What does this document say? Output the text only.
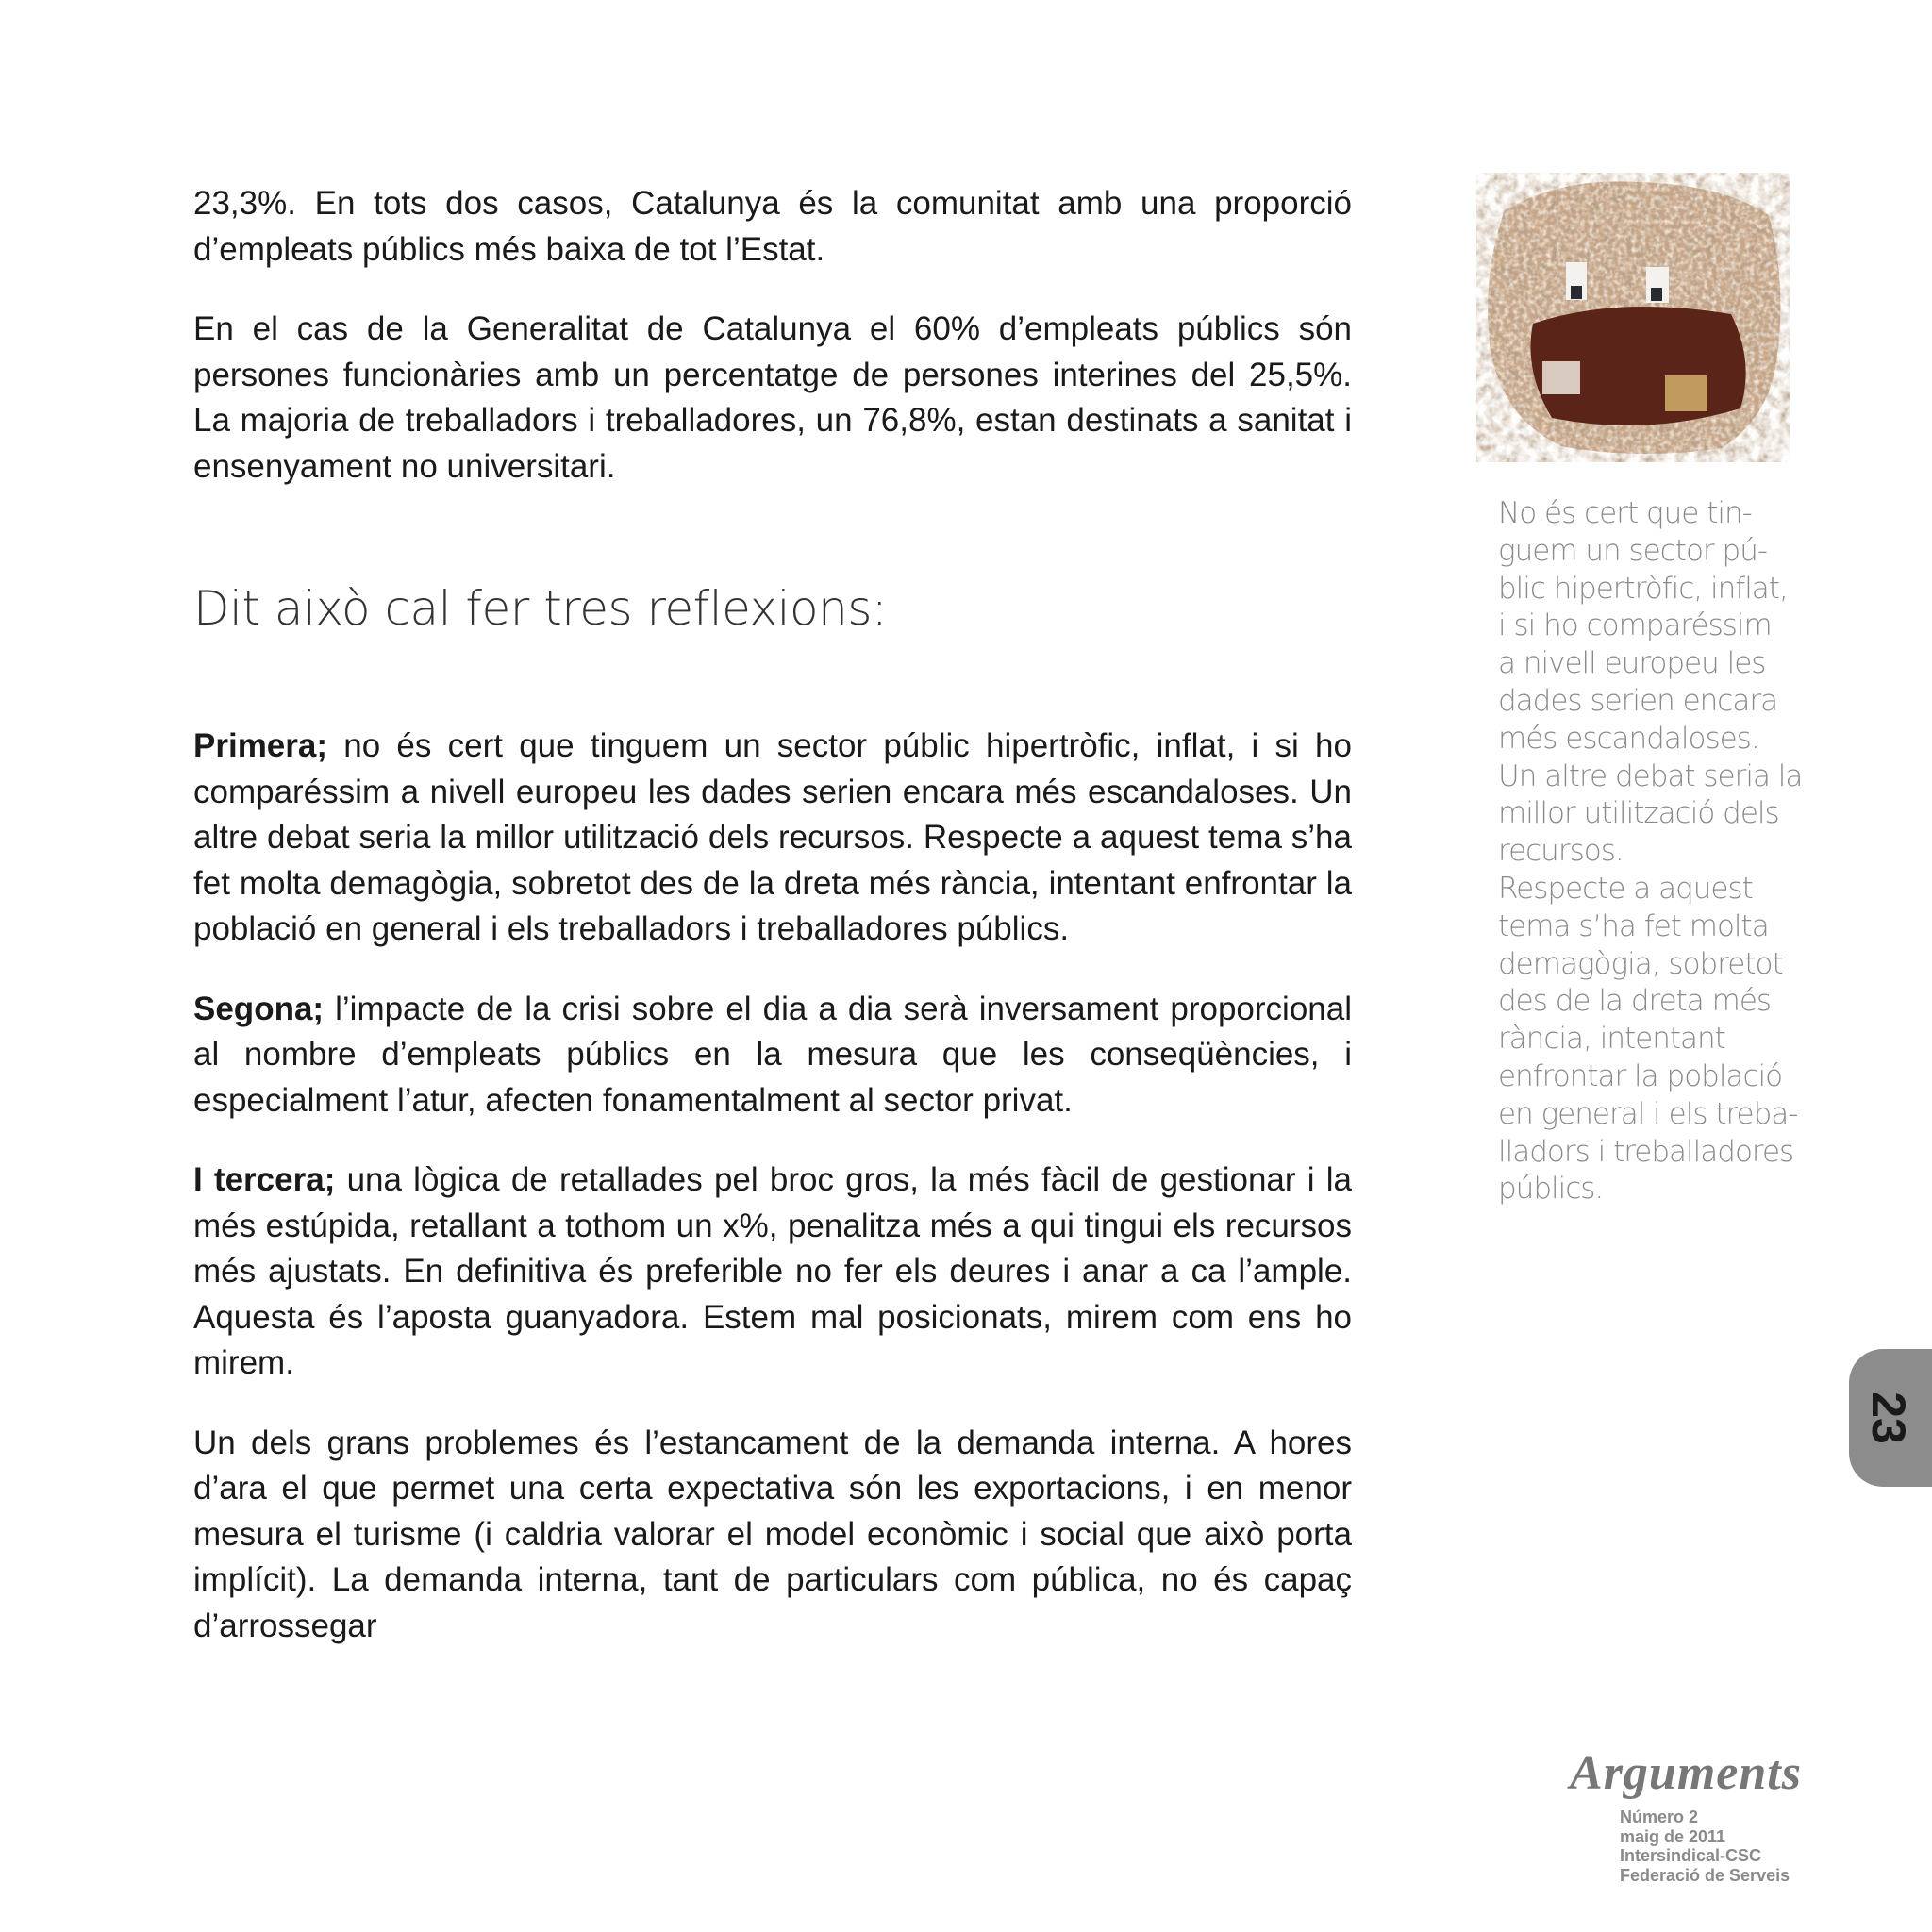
23,3%. En tots dos casos, Catalunya és la comunitat amb una proporció d’empleats públics més baixa de tot l’Estat.

En el cas de la Generalitat de Catalunya el 60% d’empleats públics són persones funcionàries amb un percentatge de persones interines del 25,5%. La majoria de treballadors i treballadores, un 76,8%, estan destinats a sanitat i ensenyament no universitari.

Dit això cal fer tres reflexions:

Primera; no és cert que tinguem un sector públic hipertròfic, inflat, i si ho comparéssim a nivell europeu les dades serien encara més escandaloses. Un altre debat seria la millor utilització dels recursos. Respecte a aquest tema s’ha fet molta demagògia, sobretot des de la dreta més rància, intentant enfrontar la població en general i els treballadors i treballadores públics.

Segona; l’impacte de la crisi sobre el dia a dia serà inversament proporcional al nombre d’empleats públics en la mesura que les conseqüències, i especialment l’atur, afecten fonamentalment al sector privat.

I tercera; una lògica de retallades pel broc gros, la més fàcil de gestionar i la més estúpida, retallant a tothom un x%, penalitza més a qui tingui els recursos més ajustats. En definitiva és preferible no fer els deures i anar a ca l’ample. Aquesta és l’aposta guanyadora. Estem mal posicionats, mirem com ens ho mirem.

Un dels grans problemes és l’estancament de la demanda interna. A hores d’ara el que permet una certa expectativa són les exportacions, i en menor mesura el turisme (i caldria valorar el model econòmic i social que això porta implícit). La demanda interna, tant de particulars com pública, no és capaç d’arrossegar

No és cert que tin-
guem un sector pú-
blic hipertròfic, inflat,
i si ho comparéssim
a nivell europeu les
dades serien encara
més escandaloses.
Un altre debat seria la
millor utilització dels
recursos.
Respecte a aquest
tema s’ha fet molta
demagògia, sobretot
des de la dreta més
rància, intentant
enfrontar la població
en general i els treba-
lladors i treballadores
públics.
23
Arguments
Número 2
maig de 2011
Intersindical-CSC
Federació de Serveis
